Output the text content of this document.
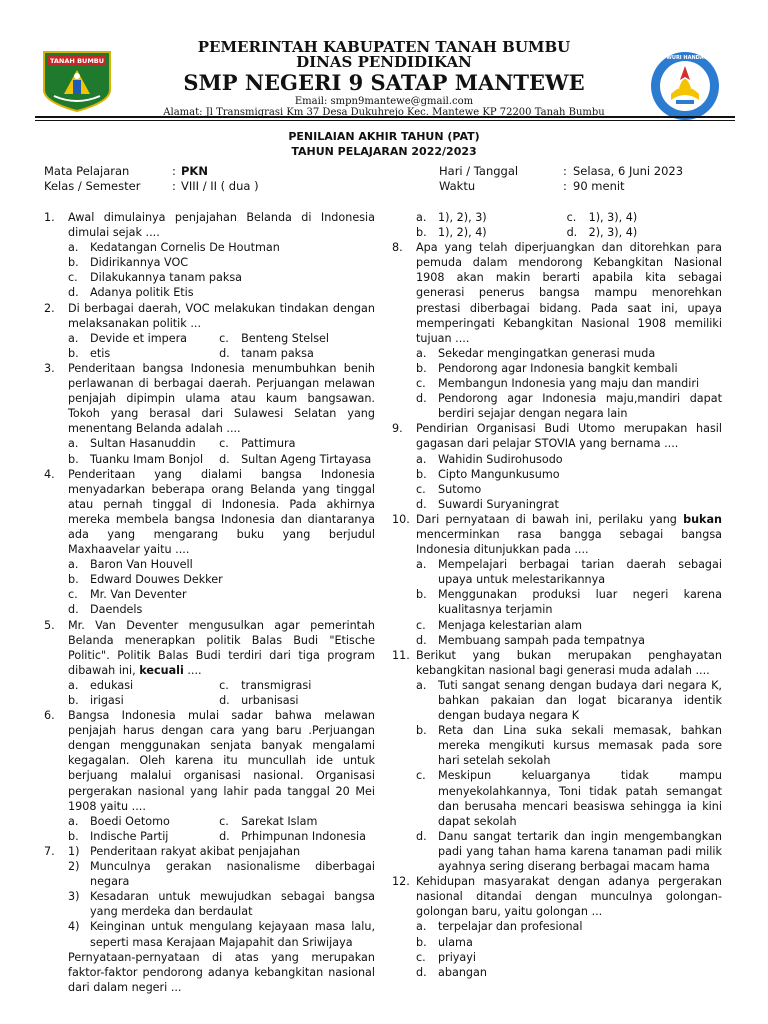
TANAH BUMBU	TUT WURI HANDAYANI
PEMERINTAH KABUPATEN TANAH BUMBU
DINAS PENDIDIKAN
SMP NEGERI 9 SATAP MANTEWE
Email: smpn9mantewe@gmail.com
Alamat: Jl Transmigrasi Km 37 Desa Dukuhrejo Kec. Mantewe KP 72200 Tanah Bumbu
PENILAIAN AKHIR TAHUN (PAT)
TAHUN PELAJARAN 2022/2023
Mata Pelajaran	: PKN
Kelas / Semester	: VIII / II ( dua )
Hari / Tanggal	: Selasa, 6 Juni 2023
Waktu	: 90 menit
1. Awal dimulainya penjajahan Belanda di Indonesia dimulai sejak ....
a. Kedatangan Cornelis De Houtman
b. Didirikannya VOC
c. Dilakukannya tanam paksa
d. Adanya politik Etis
2. Di berbagai daerah, VOC melakukan tindakan dengan melaksanakan politik ...
a. Devide et impera	c. Benteng Stelsel
b. etis	d. tanam paksa
3. Penderitaan bangsa Indonesia menumbuhkan benih perlawanan di berbagai daerah. Perjuangan melawan penjajah dipimpin ulama atau kaum bangsawan. Tokoh yang berasal dari Sulawesi Selatan yang menentang Belanda adalah ....
a. Sultan Hasanuddin	c. Pattimura
b. Tuanku Imam Bonjol	d. Sultan Ageng Tirtayasa
4. Penderitaan yang dialami bangsa Indonesia menyadarkan beberapa orang Belanda yang tinggal atau pernah tinggal di Indonesia. Pada akhirnya mereka membela bangsa Indonesia dan diantaranya ada yang mengarang buku yang berjudul Maxhaavelar yaitu ....
a. Baron Van Houvell
b. Edward Douwes Dekker
c. Mr. Van Deventer
d. Daendels
5. Mr. Van Deventer mengusulkan agar pemerintah Belanda menerapkan politik Balas Budi "Etische Politic". Politik Balas Budi terdiri dari tiga program dibawah ini, kecuali ....
a. edukasi	c. transmigrasi
b. irigasi	d. urbanisasi
6. Bangsa Indonesia mulai sadar bahwa melawan penjajah harus dengan cara yang baru .Perjuangan dengan menggunakan senjata banyak mengalami kegagalan. Oleh karena itu muncullah ide untuk berjuang malalui organisasi nasional. Organisasi pergerakan nasional yang lahir pada tanggal 20 Mei 1908 yaitu ....
a. Boedi Oetomo	c. Sarekat Islam
b. Indische Partij	d. Prhimpunan Indonesia
7. 1) Penderitaan rakyat akibat penjajahan
2) Munculnya gerakan nasionalisme diberbagai negara
3) Kesadaran untuk mewujudkan sebagai bangsa yang merdeka dan berdaulat
4) Keinginan untuk mengulang kejayaan masa lalu, seperti masa Kerajaan Majapahit dan Sriwijaya
Pernyataan-pernyataan di atas yang merupakan faktor-faktor pendorong adanya kebangkitan nasional dari dalam negeri ...
a. 1), 2), 3)	c. 1), 3), 4)
b. 1), 2), 4)	d. 2), 3), 4)
8. Apa yang telah diperjuangkan dan ditorehkan para pemuda dalam mendorong Kebangkitan Nasional 1908 akan makin berarti apabila kita sebagai generasi penerus bangsa mampu menorehkan prestasi diberbagai bidang. Pada saat ini, upaya memperingati Kebangkitan Nasional 1908 memiliki tujuan ....
a. Sekedar mengingatkan generasi muda
b. Pendorong agar Indonesia bangkit kembali
c. Membangun Indonesia yang maju dan mandiri
d. Pendorong agar Indonesia maju,mandiri dapat berdiri sejajar dengan negara lain
9. Pendirian Organisasi Budi Utomo merupakan hasil gagasan dari pelajar STOVIA yang bernama ....
a. Wahidin Sudirohusodo
b. Cipto Mangunkusumo
c. Sutomo
d. Suwardi Suryaningrat
10. Dari pernyataan di bawah ini, perilaku yang bukan mencerminkan rasa bangga sebagai bangsa Indonesia ditunjukkan pada ....
a. Mempelajari berbagai tarian daerah sebagai upaya untuk melestarikannya
b. Menggunakan produksi luar negeri karena kualitasnya terjamin
c. Menjaga kelestarian alam
d. Membuang sampah pada tempatnya
11. Berikut yang bukan merupakan penghayatan kebangkitan nasional bagi generasi muda adalah ....
a. Tuti sangat senang dengan budaya dari negara K, bahkan pakaian dan logat bicaranya identik dengan budaya negara K
b. Reta dan Lina suka sekali memasak, bahkan mereka mengikuti kursus memasak pada sore hari setelah sekolah
c. Meskipun keluarganya tidak mampu menyekolahkannya, Toni tidak patah semangat dan berusaha mencari beasiswa sehingga ia kini dapat sekolah
d. Danu sangat tertarik dan ingin mengembangkan padi yang tahan hama karena tanaman padi milik ayahnya sering diserang berbagai macam hama
12. Kehidupan masyarakat dengan adanya pergerakan nasional ditandai dengan munculnya golongan-golongan baru, yaitu golongan ...
a. terpelajar dan profesional
b. ulama
c. priyayi
d. abangan
